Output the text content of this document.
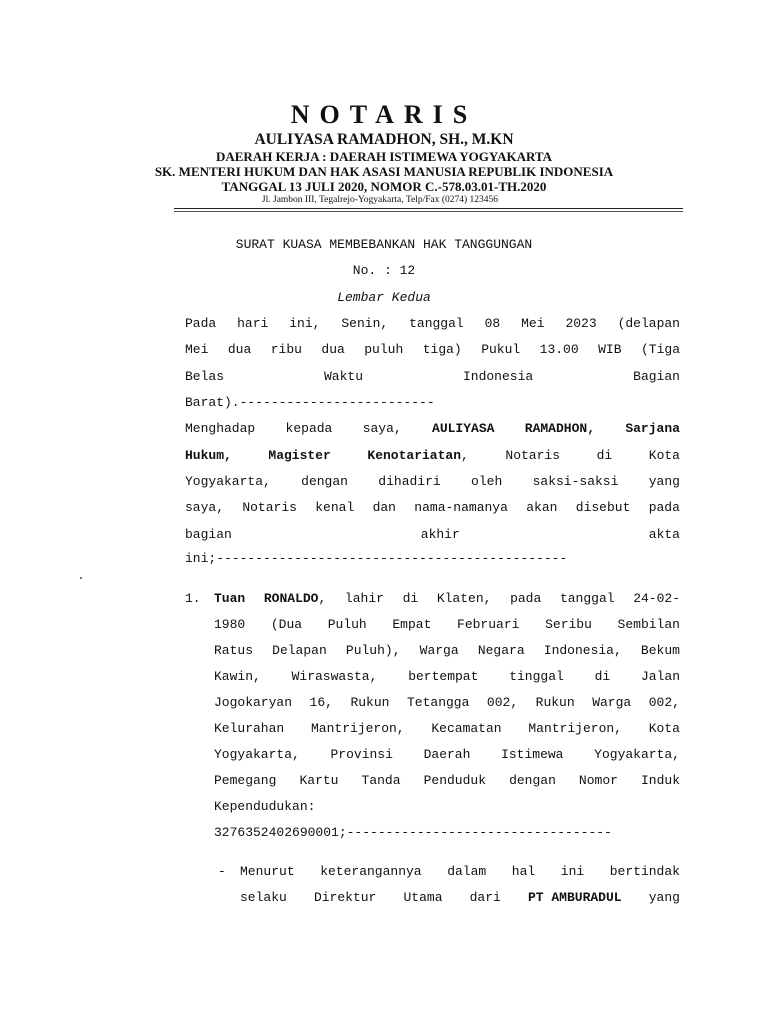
NOTARIS
AULIYASA RAMADHON, SH., M.KN
DAERAH KERJA : DAERAH ISTIMEWA YOGYAKARTA
SK. MENTERI HUKUM DAN HAK ASASI MANUSIA REPUBLIK INDONESIA
TANGGAL 13 JULI 2020, NOMOR C.-578.03.01-TH.2020
Jl. Jambon III, Tegalrejo-Yogyakarta, Telp/Fax (0274) 123456
SURAT KUASA MEMBEBANKAN HAK TANGGUNGAN
No. : 12
Lembar Kedua
Pada hari ini, Senin, tanggal 08 Mei 2023 (delapan
Mei dua ribu dua puluh tiga) Pukul 13.00 WIB (Tiga
Belas	Waktu	Indonesia	Bagian
Barat).-------------------------
Menghadap kepada saya, AULIYASA RAMADHON, Sarjana
Hukum,	Magister	Kenotariatan,	Notaris	di	Kota
Yogyakarta, dengan dihadiri oleh saksi-saksi yang
saya, Notaris kenal dan nama-namanya akan disebut pada
bagian	akhir	akta
ini;---------------------------------------------
1. Tuan RONALDO, lahir di Klaten, pada tanggal 24-02-
1980 (Dua Puluh Empat Februari Seribu Sembilan
Ratus Delapan Puluh), Warga Negara Indonesia, Bekum
Kawin, Wiraswasta, bertempat tinggal di Jalan
Jogokaryan 16, Rukun Tetangga 002, Rukun Warga 002,
Kelurahan Mantrijeron, Kecamatan Mantrijeron, Kota
Yogyakarta, Provinsi Daerah Istimewa Yogyakarta,
Pemegang Kartu Tanda Penduduk dengan Nomor Induk
Kependudukan:
3276352402690001;----------------------------------
- Menurut keterangannya dalam hal ini bertindak
selaku Direktur Utama dari PT AMBURADUL yang
